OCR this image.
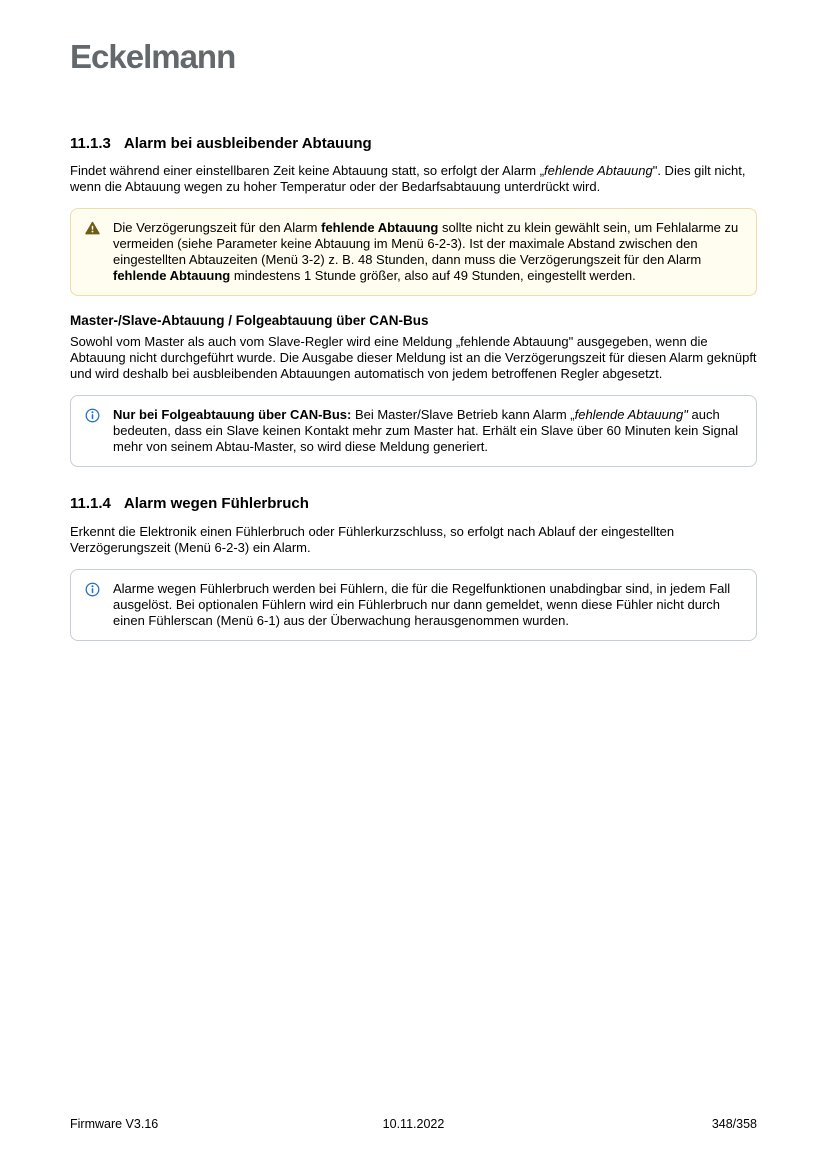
Eckelmann
11.1.3 Alarm bei ausbleibender Abtauung

Findet während einer einstellbaren Zeit keine Abtauung statt, so erfolgt der Alarm „fehlende Abtauung". Dies gilt nicht, wenn die Abtauung wegen zu hoher Temperatur oder der Bedarfsabtauung unterdrückt wird.

Die Verzögerungszeit für den Alarm fehlende Abtauung sollte nicht zu klein gewählt sein, um Fehlalarme zu vermeiden (siehe Parameter keine Abtauung im Menü 6-2-3). Ist der maximale Abstand zwischen den eingestellten Abtauzeiten (Menü 3-2) z. B. 48 Stunden, dann muss die Verzögerungszeit für den Alarm fehlende Abtauung mindestens 1 Stunde größer, also auf 49 Stunden, eingestellt werden.
Master-/Slave-Abtauung / Folgeabtauung über CAN-Bus

Sowohl vom Master als auch vom Slave-Regler wird eine Meldung „fehlende Abtauung" ausgegeben, wenn die Abtauung nicht durchgeführt wurde. Die Ausgabe dieser Meldung ist an die Verzögerungszeit für diesen Alarm geknüpft und wird deshalb bei ausbleibenden Abtauungen automatisch von jedem betroffenen Regler abgesetzt.

Nur bei Folgeabtauung über CAN-Bus: Bei Master/Slave Betrieb kann Alarm „fehlende Abtauung" auch bedeuten, dass ein Slave keinen Kontakt mehr zum Master hat. Erhält ein Slave über 60 Minuten kein Signal mehr von seinem Abtau-Master, so wird diese Meldung generiert.
11.1.4 Alarm wegen Fühlerbruch

Erkennt die Elektronik einen Fühlerbruch oder Fühlerkurzschluss, so erfolgt nach Ablauf der eingestellten Verzögerungszeit (Menü 6-2-3) ein Alarm.

Alarme wegen Fühlerbruch werden bei Fühlern, die für die Regelfunktionen unabdingbar sind, in jedem Fall ausgelöst. Bei optionalen Fühlern wird ein Fühlerbruch nur dann gemeldet, wenn diese Fühler nicht durch einen Fühlerscan (Menü 6-1) aus der Überwachung herausgenommen wurden.
Firmware V3.16	10.11.2022	348/358
